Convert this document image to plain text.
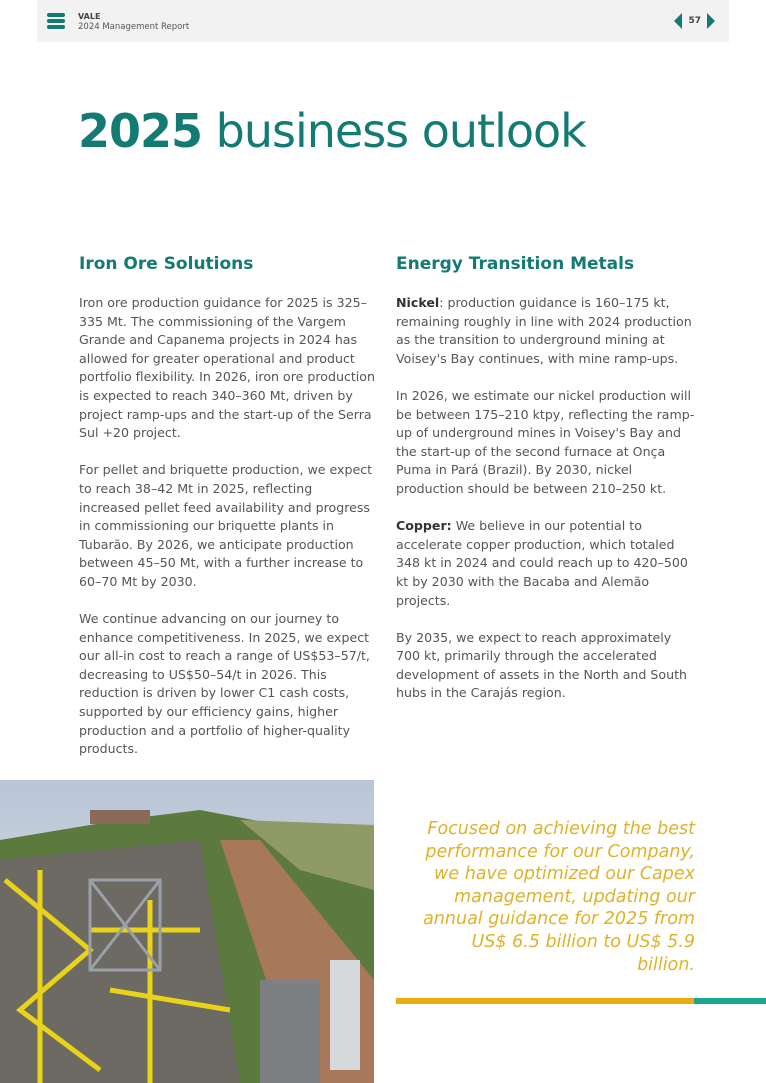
VALE
2024 Management Report
57
2025 business outlook
Iron Ore Solutions

Iron ore production guidance for 2025 is 325–335 Mt. The commissioning of the Vargem Grande and Capanema projects in 2024 has allowed for greater operational and product portfolio flexibility. In 2026, iron ore production is expected to reach 340–360 Mt, driven by project ramp-ups and the start-up of the Serra Sul +20 project.

For pellet and briquette production, we expect to reach 38–42 Mt in 2025, reflecting increased pellet feed availability and progress in commissioning our briquette plants in Tubarão. By 2026, we anticipate production between 45–50 Mt, with a further increase to 60–70 Mt by 2030.

We continue advancing on our journey to enhance competitiveness. In 2025, we expect our all-in cost to reach a range of US$53–57/t, decreasing to US$50–54/t in 2026. This reduction is driven by lower C1 cash costs, supported by our efficiency gains, higher production and a portfolio of higher-quality products.

Energy Transition Metals

Nickel: production guidance is 160–175 kt, remaining roughly in line with 2024 production as the transition to underground mining at Voisey's Bay continues, with mine ramp-ups.

In 2026, we estimate our nickel production will be between 175–210 ktpy, reflecting the ramp-up of underground mines in Voisey's Bay and the start-up of the second furnace at Onça Puma in Pará (Brazil). By 2030, nickel production should be between 210–250 kt.

Copper: We believe in our potential to accelerate copper production, which totaled 348 kt in 2024 and could reach up to 420–500 kt by 2030 with the Bacaba and Alemão projects.

By 2035, we expect to reach approximately 700 kt, primarily through the accelerated development of assets in the North and South hubs in the Carajás region.

Focused on achieving the best performance for our Company, we have optimized our Capex management, updating our annual guidance for 2025 from US$ 6.5 billion to US$ 5.9 billion.
